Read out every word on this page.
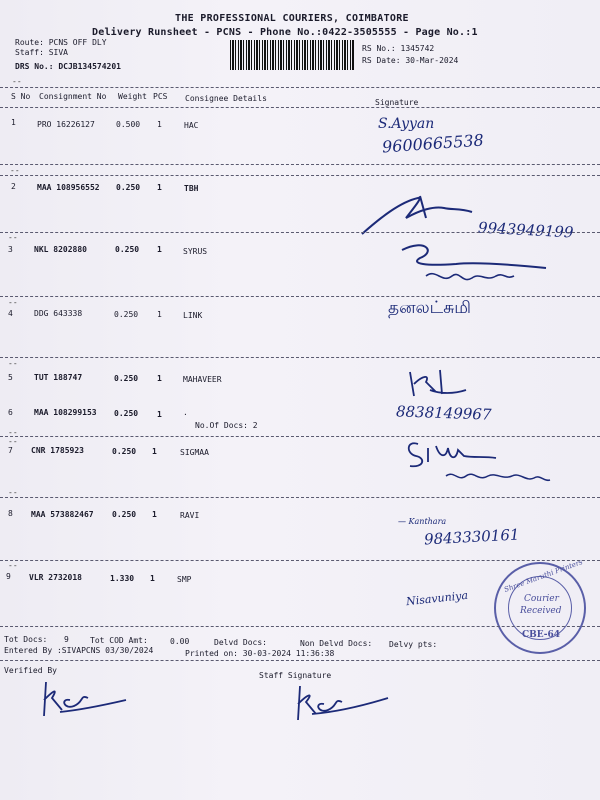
THE PROFESSIONAL COURIERS, COIMBATORE
Delivery Runsheet - PCNS - Phone No.:0422-3505555 - Page No.:1
Route: PCNS OFF DLY
Staff: SIVA
DRS No.: DCJB134574201
RS No.: 1345742
RS Date: 30-Mar-2024
--
S No Consignment No Weight PCS Consignee Details	Signature
1	PRO 16226127	0.500 1	HAC	S.Ayyan
9600665538
--
2	MAA 108956552 0.250 1	TBH
9943949199
--
3	NKL 8202880	0.250 1	SYRUS
--
4	DDG 643338	0.250 1	LINK	தனலட்சுமி
--
5	TUT 188747	0.250 1	MAHAVEER
6	MAA 108299153 0.250 1	.
No.Of Docs: 2
8838149967
--
--
7 CNR 1785923	0.250 1	SIGMAA
--
8 MAA 573882467 0.250 1	RAVI
— Kanthara
9843330161
--
9 VLR 2732018	1.330 1	SMP
Nisavuniya
Shree Maruthi Printers
Courier
Received
CBE-64
Tot Docs: 9	Tot COD Amt:	0.00	Delvd Docs:	Non Delvd Docs: Delvy pts:
Entered By :SIVAPCNS 03/30/2024	Printed on: 30-03-2024 11:36:38
Verified By
Staff Signature
